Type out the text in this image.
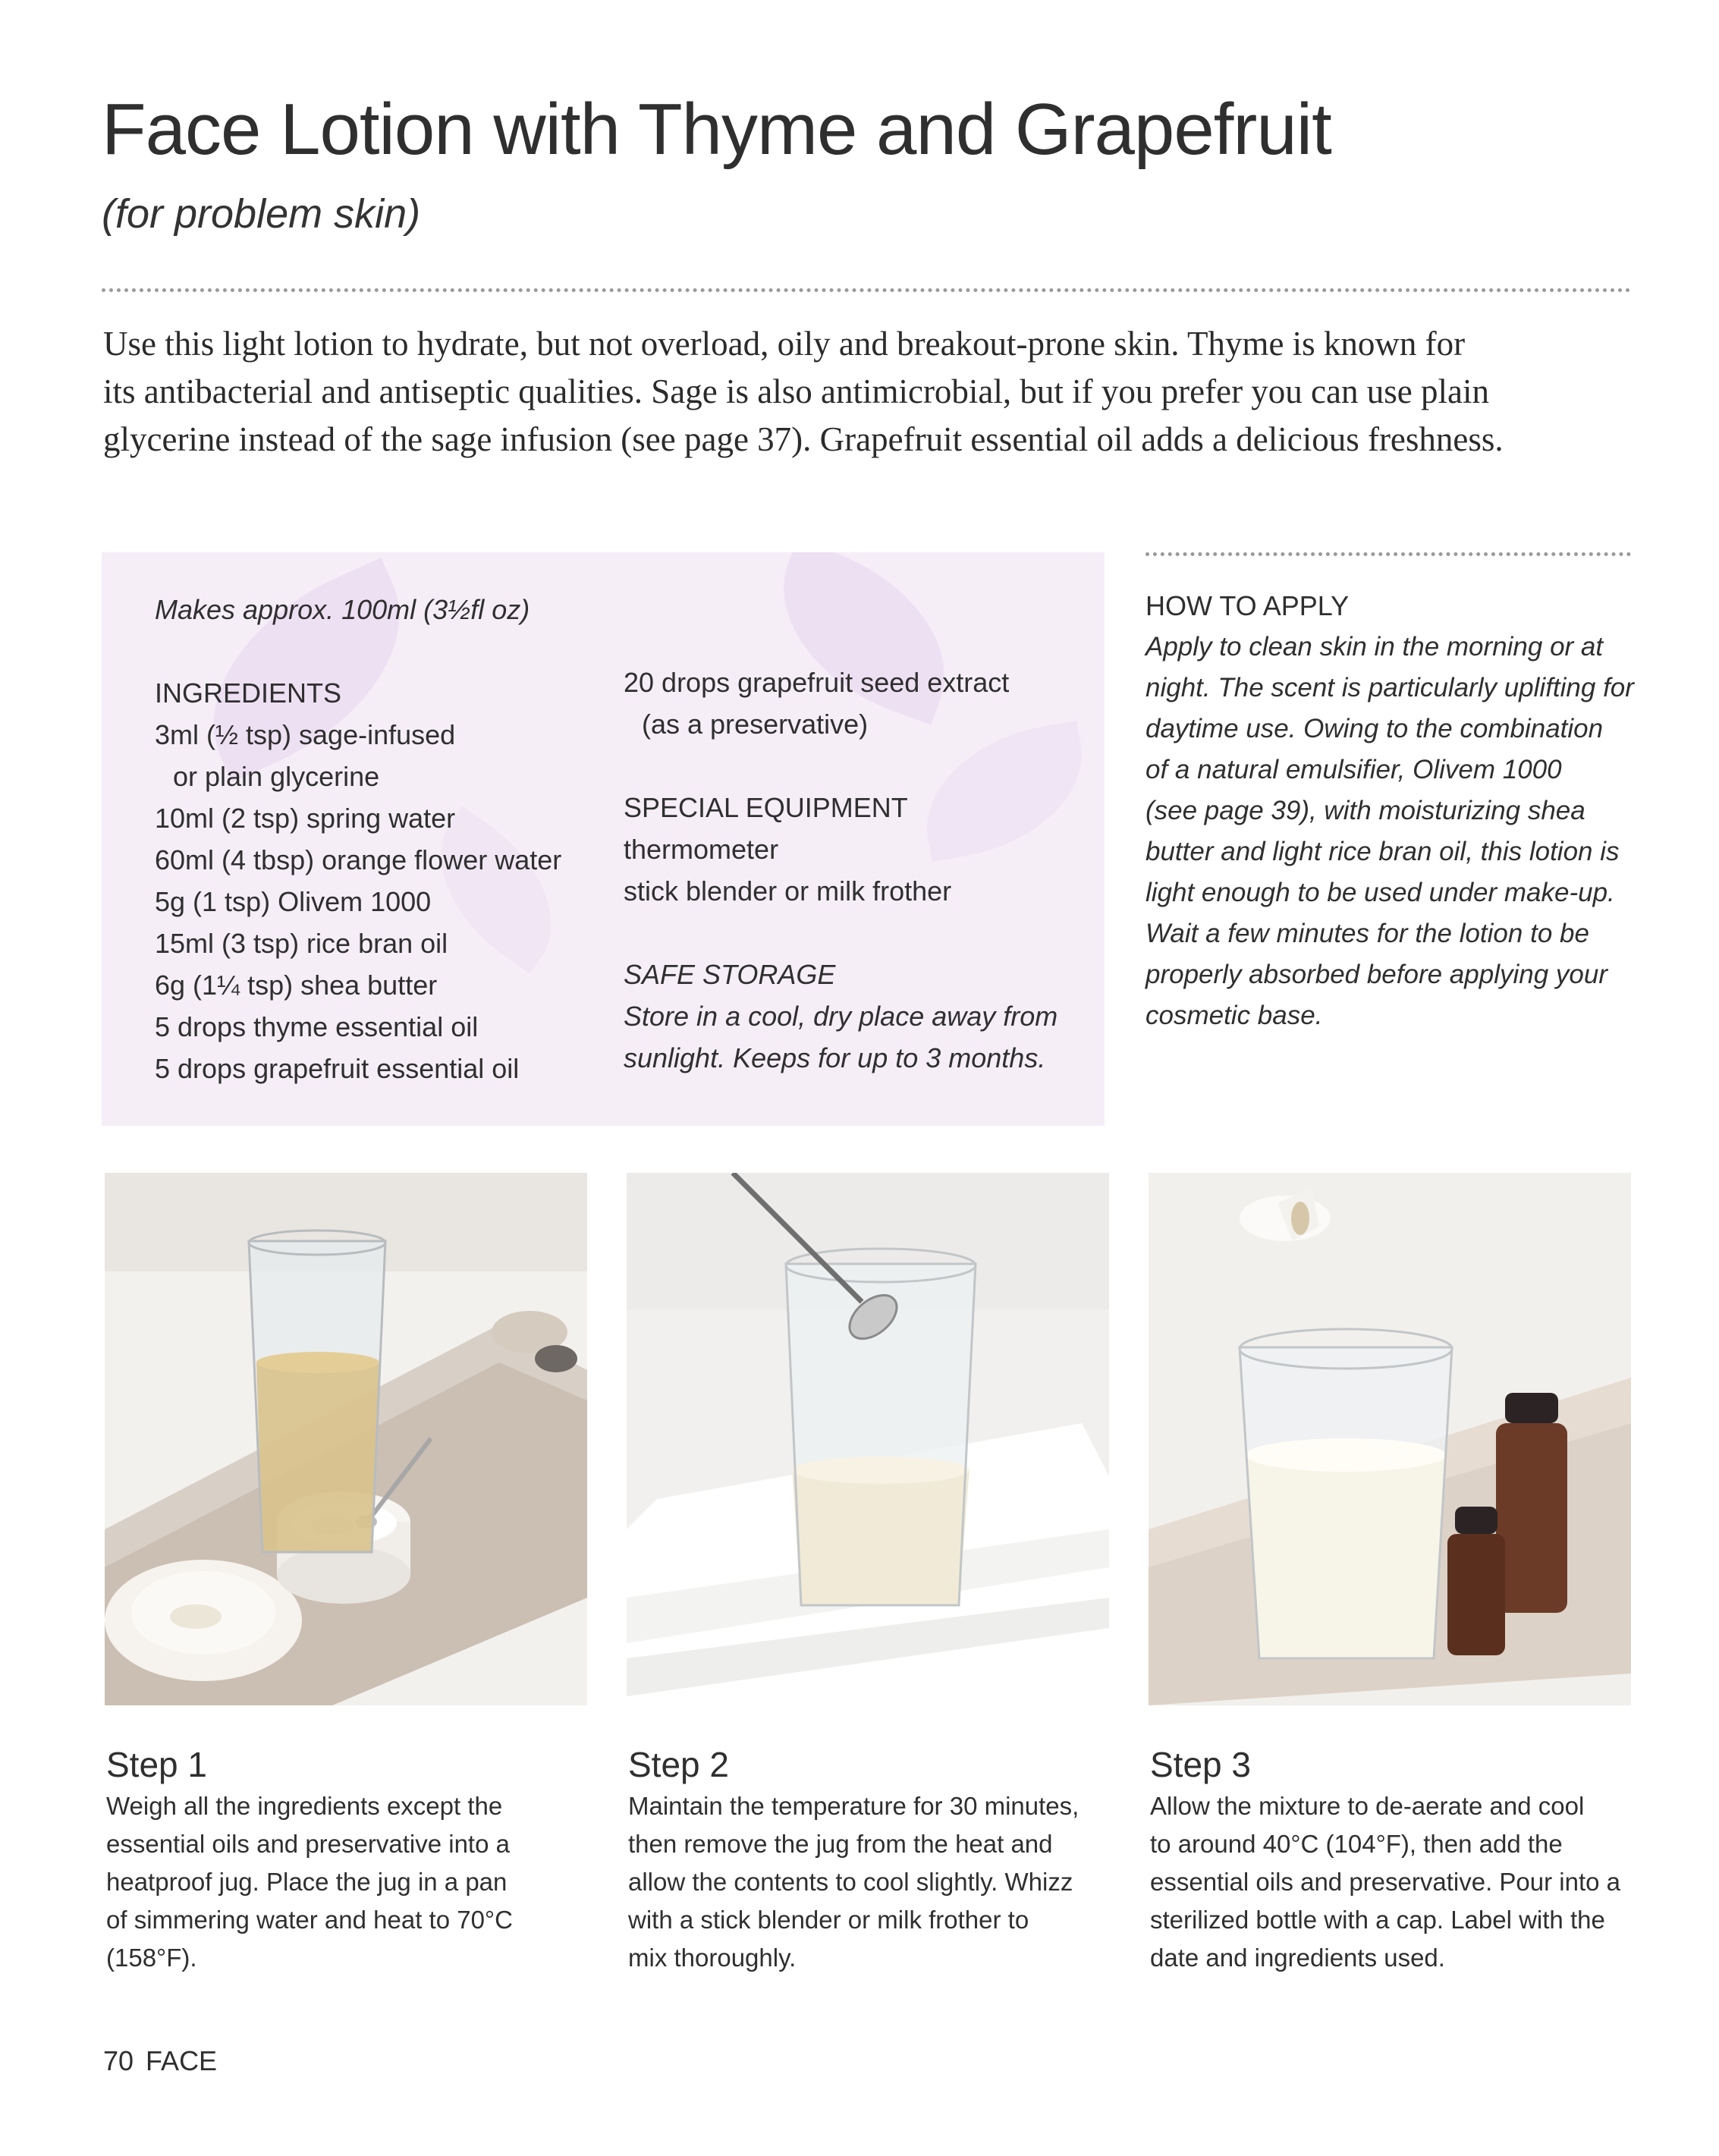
Face Lotion with Thyme and Grapefruit
(for problem skin)

Use this light lotion to hydrate, but not overload, oily and breakout-prone skin. Thyme is known for
its antibacterial and antiseptic qualities. Sage is also antimicrobial, but if you prefer you can use plain
glycerine instead of the sage infusion (see page 37). Grapefruit essential oil adds a delicious freshness.

Makes approx. 100ml (3½fl oz)
INGREDIENTS
3ml (½ tsp) sage-infused
or plain glycerine
10ml (2 tsp) spring water
60ml (4 tbsp) orange flower water
5g (1 tsp) Olivem 1000
15ml (3 tsp) rice bran oil
6g (1¼ tsp) shea butter
5 drops thyme essential oil
5 drops grapefruit essential oil
20 drops grapefruit seed extract
(as a preservative)
SPECIAL EQUIPMENT
thermometer
stick blender or milk frother
SAFE STORAGE
Store in a cool, dry place away from
sunlight. Keeps for up to 3 months.
HOW TO APPLY
Apply to clean skin in the morning or at
night. The scent is particularly uplifting for
daytime use. Owing to the combination
of a natural emulsifier, Olivem 1000
(see page 39), with moisturizing shea
butter and light rice bran oil, this lotion is
light enough to be used under make-up.
Wait a few minutes for the lotion to be
properly absorbed before applying your
cosmetic base.
Step 1
Weigh all the ingredients except the
essential oils and preservative into a
heatproof jug. Place the jug in a pan
of simmering water and heat to 70°C
(158°F).
Step 2
Maintain the temperature for 30 minutes,
then remove the jug from the heat and
allow the contents to cool slightly. Whizz
with a stick blender or milk frother to
mix thoroughly.
Step 3
Allow the mixture to de-aerate and cool
to around 40°C (104°F), then add the
essential oils and preservative. Pour into a
sterilized bottle with a cap. Label with the
date and ingredients used.
70 FACE
